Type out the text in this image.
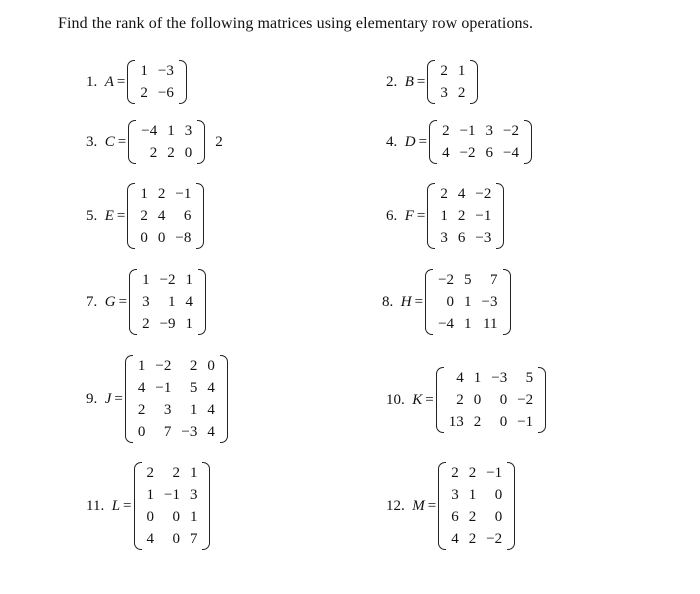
Find the rank of the following matrices using elementary row operations.
1.  A =
1	−3
2	−6
2.  B =
2	1
3	2
3.  C =
−4	1	3
2	2	0
2	4.  D =
2	−1	3	−2
4	−2	6	−4
5.  E =
1	2	−1
2	4	6
0	0	−8
6.  F =
2	4	−2
1	2	−1
3	6	−3
7.  G =
1	−2	1
3	1	4
2	−9	1
8.  H =
−2	5	7
0	1	−3
−4	1	11
9.  J =
1	−2	2	0
4	−1	5	4
2	3	1	4
0	7	−3	4
10.  K =
4	1	−3	5
2	0	0	−2
13	2	0	−1
11.  L =
2	2	1
1	−1	3
0	0	1
4	0	7
12.  M =
2	2	−1
3	1	0
6	2	0
4	2	−2
